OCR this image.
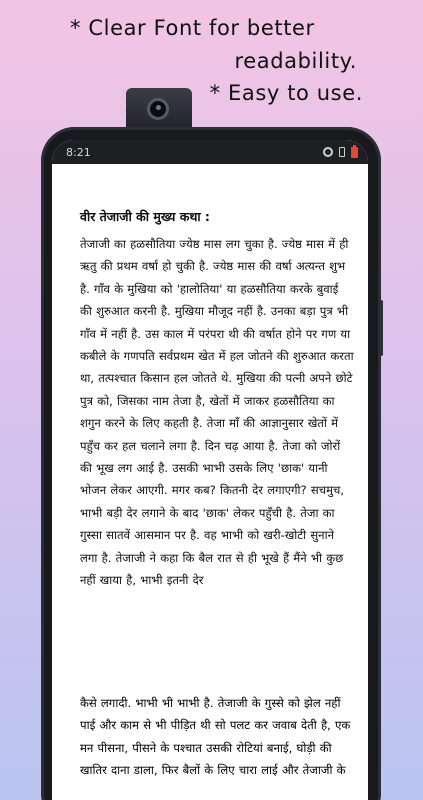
* Clear Font for better
readability.
* Easy to use.
8:21
वीर तेजाजी की मुख्य कथा :
तेजाजी का हळसौतिया ज्येष्ठ मास लग चुका है. ज्येष्ठ मास में ही ऋतु की प्रथम वर्षा हो चुकी है. ज्येष्ठ मास की वर्षा अत्यन्त शुभ है. गाँव के मुखिया को 'हालोतिया' या हळसौतिया करके बुवाई की शुरुआत करनी है. मुखिया मौजूद नहीं है. उनका बड़ा पुत्र भी गाँव में नहीं है. उस काल में परंपरा थी की वर्षात होने पर गण या कबीले के गणपति सर्वप्रथम खेत में हल जोतने की शुरुआत करता था, तत्पश्चात किसान हल जोतते थे. मुखिया की पत्नी अपने छोटे पुत्र को, जिसका नाम तेजा है, खेतों में जाकर हळसौतिया का शगुन करने के लिए कहती है. तेजा माँ की आज्ञानुसार खेतों में पहुँच कर हल चलाने लगा है. दिन चढ़ आया है. तेजा को जोरों की भूख लग आई है. उसकी भाभी उसके लिए 'छाक' यानी भोजन लेकर आएगी. मगर कब? कितनी देर लगाएगी? सचमुच, भाभी बड़ी देर लगाने के बाद 'छाक' लेकर पहुँची है. तेजा का गुस्सा सातवें आसमान पर है. वह भाभी को खरी-खोटी सुनाने लगा है. तेजाजी ने कहा कि बैल रात से ही भूखे हैं मैंने भी कुछ नहीं खाया है, भाभी इतनी देर
कैसे लगादी. भाभी भी भाभी है. तेजाजी के गुस्से को झेल नहीं पाई और काम से भी पीड़ित थी सो पलट कर जवाब देती है, एक मन पीसना, पीसने के पश्चात उसकी रोटियां बनाई, घोड़ी की खातिर दाना डाला, फिर बैलों के लिए चारा लाई और तेजाजी के
